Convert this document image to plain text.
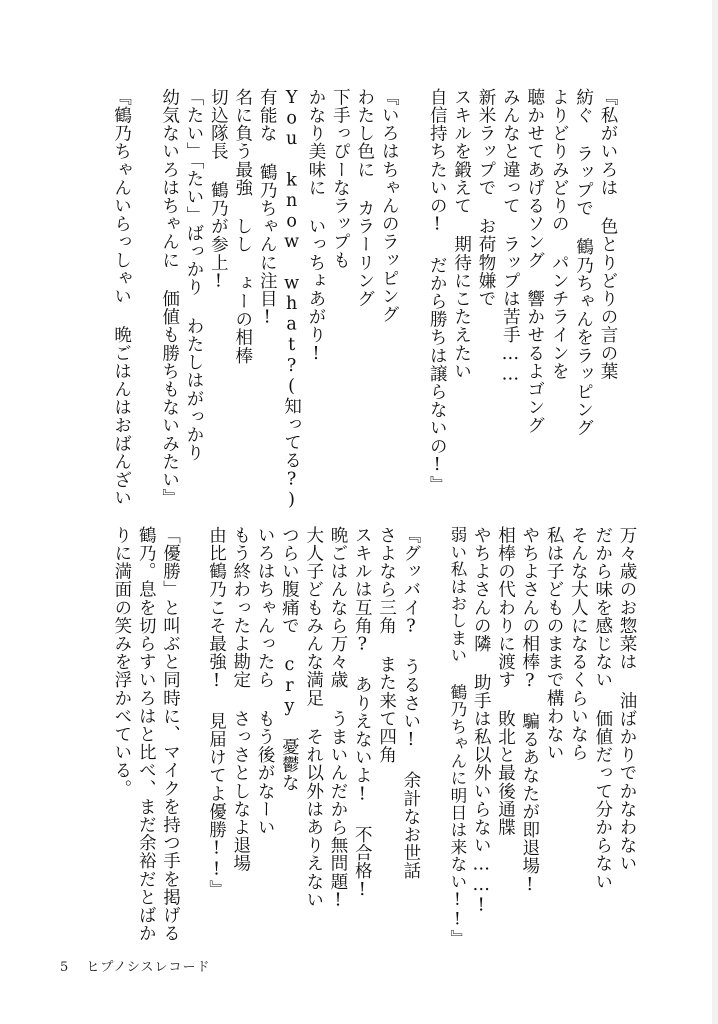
『私がいろは 色とりどりの言の葉
紡ぐ ラップで 鶴乃ちゃんをラッピング
よりどりみどりの パンチラインを
聴かせてあげるソング 響かせるよゴング
みんなと違って ラップは苦手……
新米ラップで お荷物嫌で
スキルを鍛えて 期待にこたえたい
自信持ちたいの! だから勝ちは譲らないの!』
『いろはちゃんのラッピング
わたし色に カラーリング
下手っぴーなラップも
かなり美味に いっちょあがり!
You know what?(知ってる?)
有能な 鶴乃ちゃんに注目!
名に負う最強 しし ょーの相棒
切込隊長 鶴乃が参上!
「たい」「たい」ばっかり わたしはがっかり
幼気ないろはちゃんに 価値も勝ちもないみたい』
『鶴乃ちゃんいらっしゃい 晩ごはんはおばんざい
万々歳のお惣菜は 油ばかりでかなわない
だから味を感じない 価値だって分からない
そんな大人になるくらいなら
私は子どものままで構わない
やちよさんの相棒? 騙るあなたが即退場!
相棒の代わりに渡す 敗北と最後通牒
やちよさんの隣 助手は私以外いらない……!
弱い私はおしまい 鶴乃ちゃんに明日は来ない!!』
『グッバイ? うるさい! 余計なお世話
さよなら三角 また来て四角
スキルは互角? ありえないよ! 不合格!
晩ごはんなら万々歳 うまいんだから無問題!
大人子どもみんな満足 それ以外はありえない
つらい腹痛で cry 憂鬱な
いろはちゃんったら もう後がなーい
もう終わったよ勘定 さっさとしなよ退場
由比鶴乃こそ最強! 見届けてよ優勝!!』
「優勝」と叫ぶと同時に、マイクを持つ手を掲げる
鶴乃。息を切らすいろはと比べ、まだ余裕だとばか
りに満面の笑みを浮かべている。
5 ヒプノシスレコード
